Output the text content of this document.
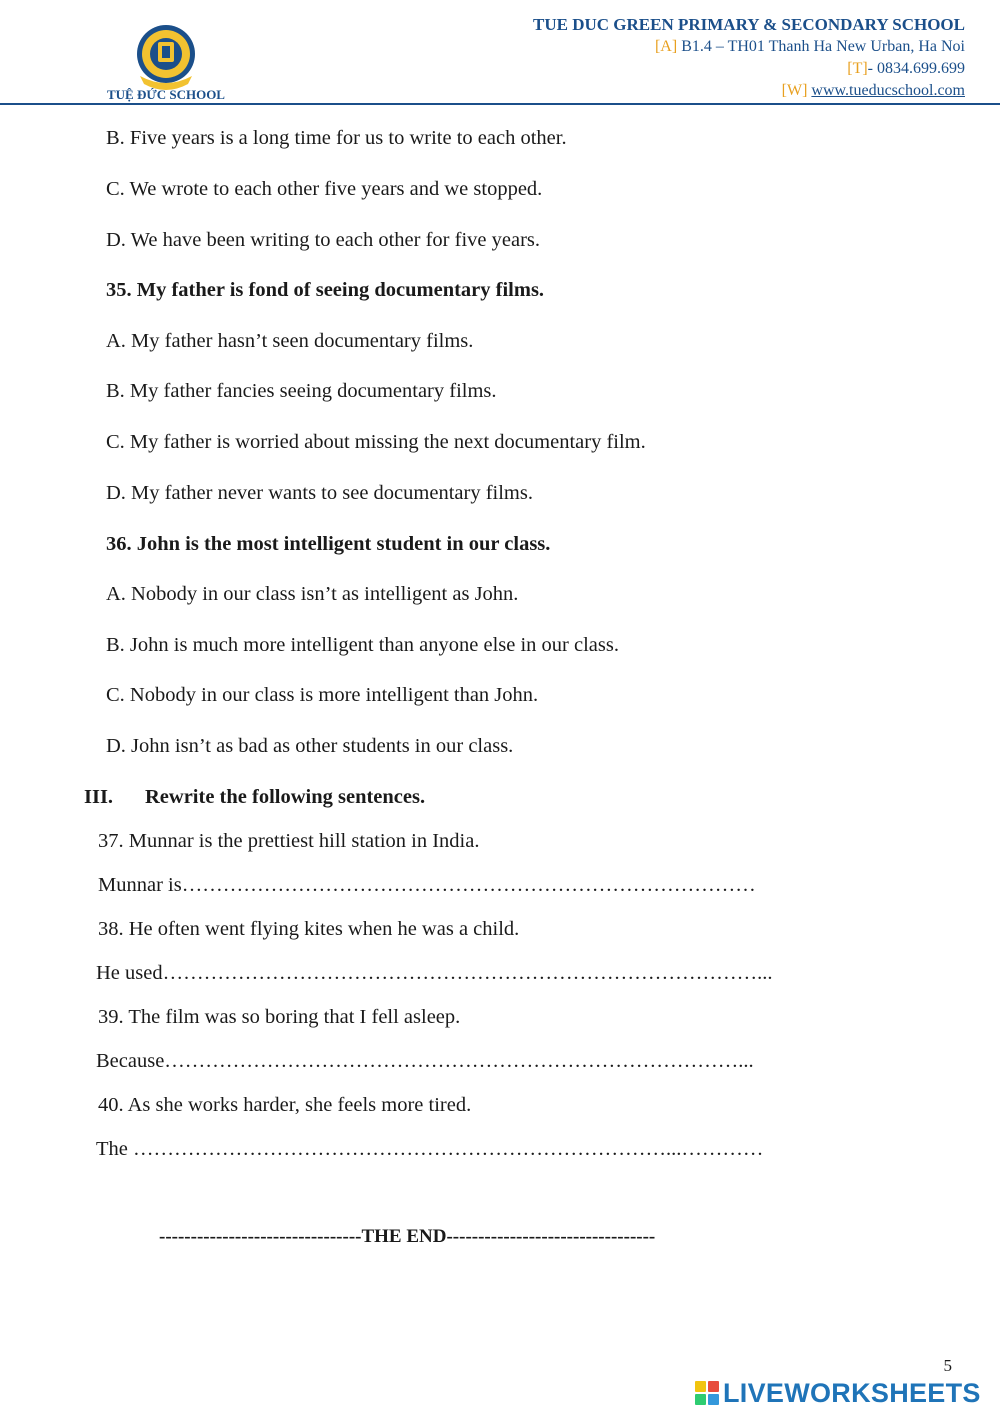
TUỆ ĐỨC SCHOOL
TUE DUC GREEN PRIMARY & SECONDARY SCHOOL
[A] B1.4 – TH01 Thanh Ha New Urban, Ha Noi
[T]- 0834.699.699
[W] www.tueducschool.com
B. Five years is a long time for us to write to each other.
C. We wrote to each other five years and we stopped.
D. We have been writing to each other for five years.
35. My father is fond of seeing documentary films.
A. My father hasn’t seen documentary films.
B. My father fancies seeing documentary films.
C. My father is worried about missing the next documentary film.
D. My father never wants to see documentary films.
36. John is the most intelligent student in our class.
A. Nobody in our class isn’t as intelligent as John.
B. John is much more intelligent than anyone else in our class.
C. Nobody in our class is more intelligent than John.
D. John isn’t as bad as other students in our class.
III. Rewrite the following sentences.
37. Munnar is the prettiest hill station in India.
Munnar is…………………………………………………………………………
38. He often went flying kites when he was a child.
He used……………………………………………………………………………...
39. The film was so boring that I fell asleep.
Because…………………………………………………………………………...
40. As she works harder, she feels more tired.
The ……………………………………………………………………...…………
--------------------------------THE END---------------------------------
5
LIVEWORKSHEETS
